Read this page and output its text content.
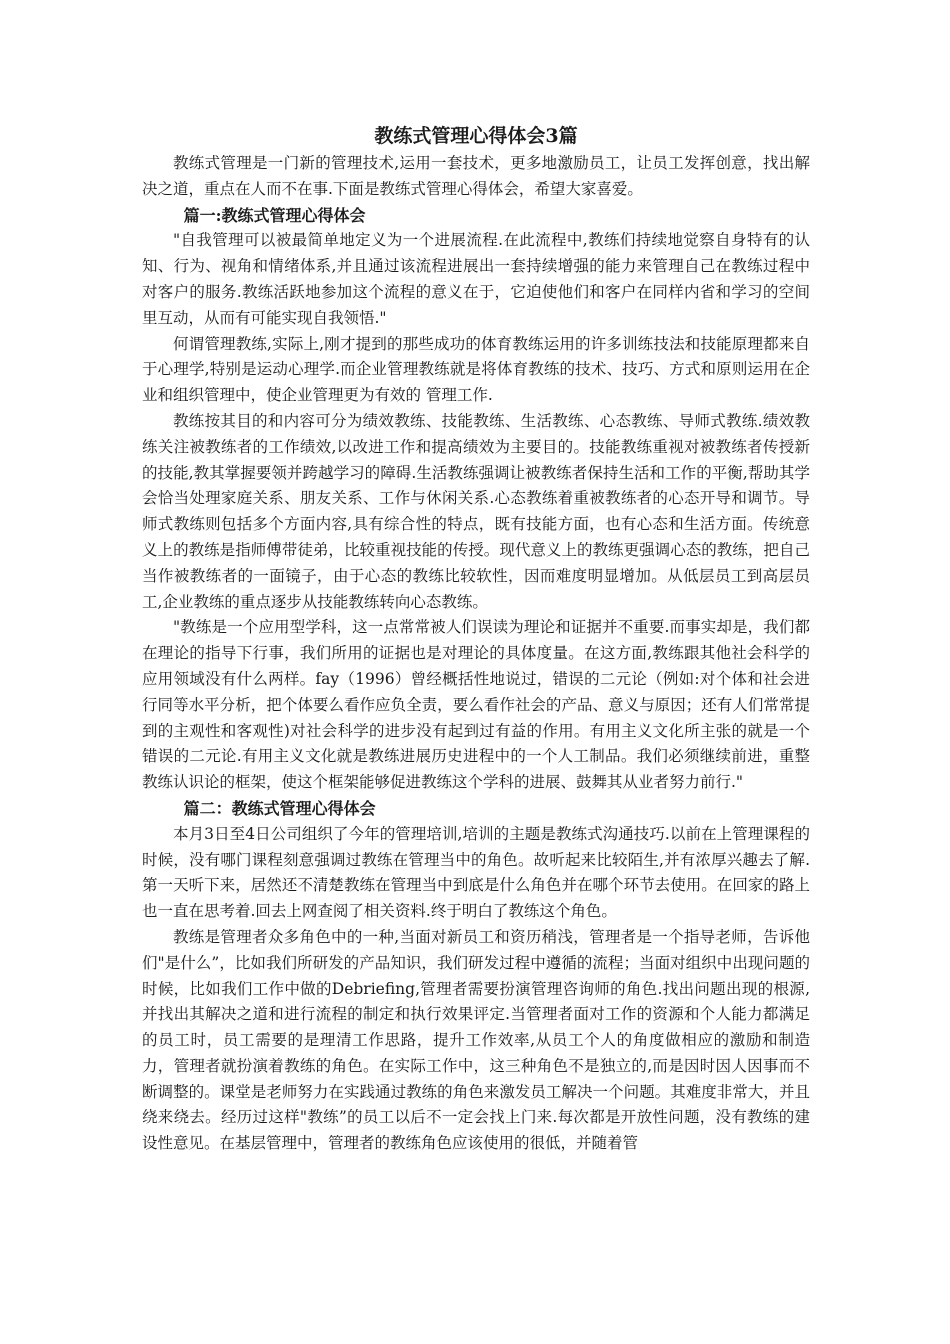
教练式管理心得体会3篇

教练式管理是一门新的管理技术,运用一套技术，更多地激励员工，让员工发挥创意，找出解决之道，重点在人而不在事.下面是教练式管理心得体会，希望大家喜爱。

篇一:教练式管理心得体会

"自我管理可以被最简单地定义为一个进展流程.在此流程中,教练们持续地觉察自身特有的认知、行为、视角和情绪体系,并且通过该流程进展出一套持续增强的能力来管理自己在教练过程中对客户的服务.教练活跃地参加这个流程的意义在于，它迫使他们和客户在同样内省和学习的空间里互动，从而有可能实现自我领悟."

何谓管理教练,实际上,刚才提到的那些成功的体育教练运用的许多训练技法和技能原理都来自于心理学,特别是运动心理学.而企业管理教练就是将体育教练的技术、技巧、方式和原则运用在企业和组织管理中，使企业管理更为有效的 管理工作.

教练按其目的和内容可分为绩效教练、技能教练、生活教练、心态教练、导师式教练.绩效教练关注被教练者的工作绩效,以改进工作和提高绩效为主要目的。技能教练重视对被教练者传授新的技能,教其掌握要领并跨越学习的障碍.生活教练强调让被教练者保持生活和工作的平衡,帮助其学会恰当处理家庭关系、朋友关系、工作与休闲关系.心态教练着重被教练者的心态开导和调节。导师式教练则包括多个方面内容,具有综合性的特点，既有技能方面，也有心态和生活方面。传统意义上的教练是指师傅带徒弟，比较重视技能的传授。现代意义上的教练更强调心态的教练，把自己当作被教练者的一面镜子，由于心态的教练比较软性，因而难度明显增加。从低层员工到高层员工,企业教练的重点逐步从技能教练转向心态教练。

"教练是一个应用型学科，这一点常常被人们误读为理论和证据并不重要.而事实却是，我们都在理论的指导下行事，我们所用的证据也是对理论的具体度量。在这方面,教练跟其他社会科学的应用领域没有什么两样。fay（1996）曾经概括性地说过，错误的二元论（例如:对个体和社会进行同等水平分析，把个体要么看作应负全责，要么看作社会的产品、意义与原因；还有人们常常提到的主观性和客观性)对社会科学的进步没有起到过有益的作用。有用主义文化所主张的就是一个错误的二元论.有用主义文化就是教练进展历史进程中的一个人工制品。我们必须继续前进，重整教练认识论的框架，使这个框架能够促进教练这个学科的进展、鼓舞其从业者努力前行."

篇二：教练式管理心得体会

本月3日至4日公司组织了今年的管理培训,培训的主题是教练式沟通技巧.以前在上管理课程的时候，没有哪门课程刻意强调过教练在管理当中的角色。故听起来比较陌生,并有浓厚兴趣去了解.第一天听下来，居然还不清楚教练在管理当中到底是什么角色并在哪个环节去使用。在回家的路上也一直在思考着.回去上网查阅了相关资料.终于明白了教练这个角色。

教练是管理者众多角色中的一种,当面对新员工和资历稍浅，管理者是一个指导老师，告诉他们"是什么”，比如我们所研发的产品知识，我们研发过程中遵循的流程；当面对组织中出现问题的时候，比如我们工作中做的Debriefing,管理者需要扮演管理咨询师的角色.找出问题出现的根源,并找出其解决之道和进行流程的制定和执行效果评定.当管理者面对工作的资源和个人能力都满足的员工时，员工需要的是理清工作思路，提升工作效率,从员工个人的角度做相应的激励和制造力，管理者就扮演着教练的角色。在实际工作中，这三种角色不是独立的,而是因时因人因事而不断调整的。课堂是老师努力在实践通过教练的角色来激发员工解决一个问题。其难度非常大，并且绕来绕去。经历过这样"教练”的员工以后不一定会找上门来.每次都是开放性问题，没有教练的建设性意见。在基层管理中，管理者的教练角色应该使用的很低，并随着管
